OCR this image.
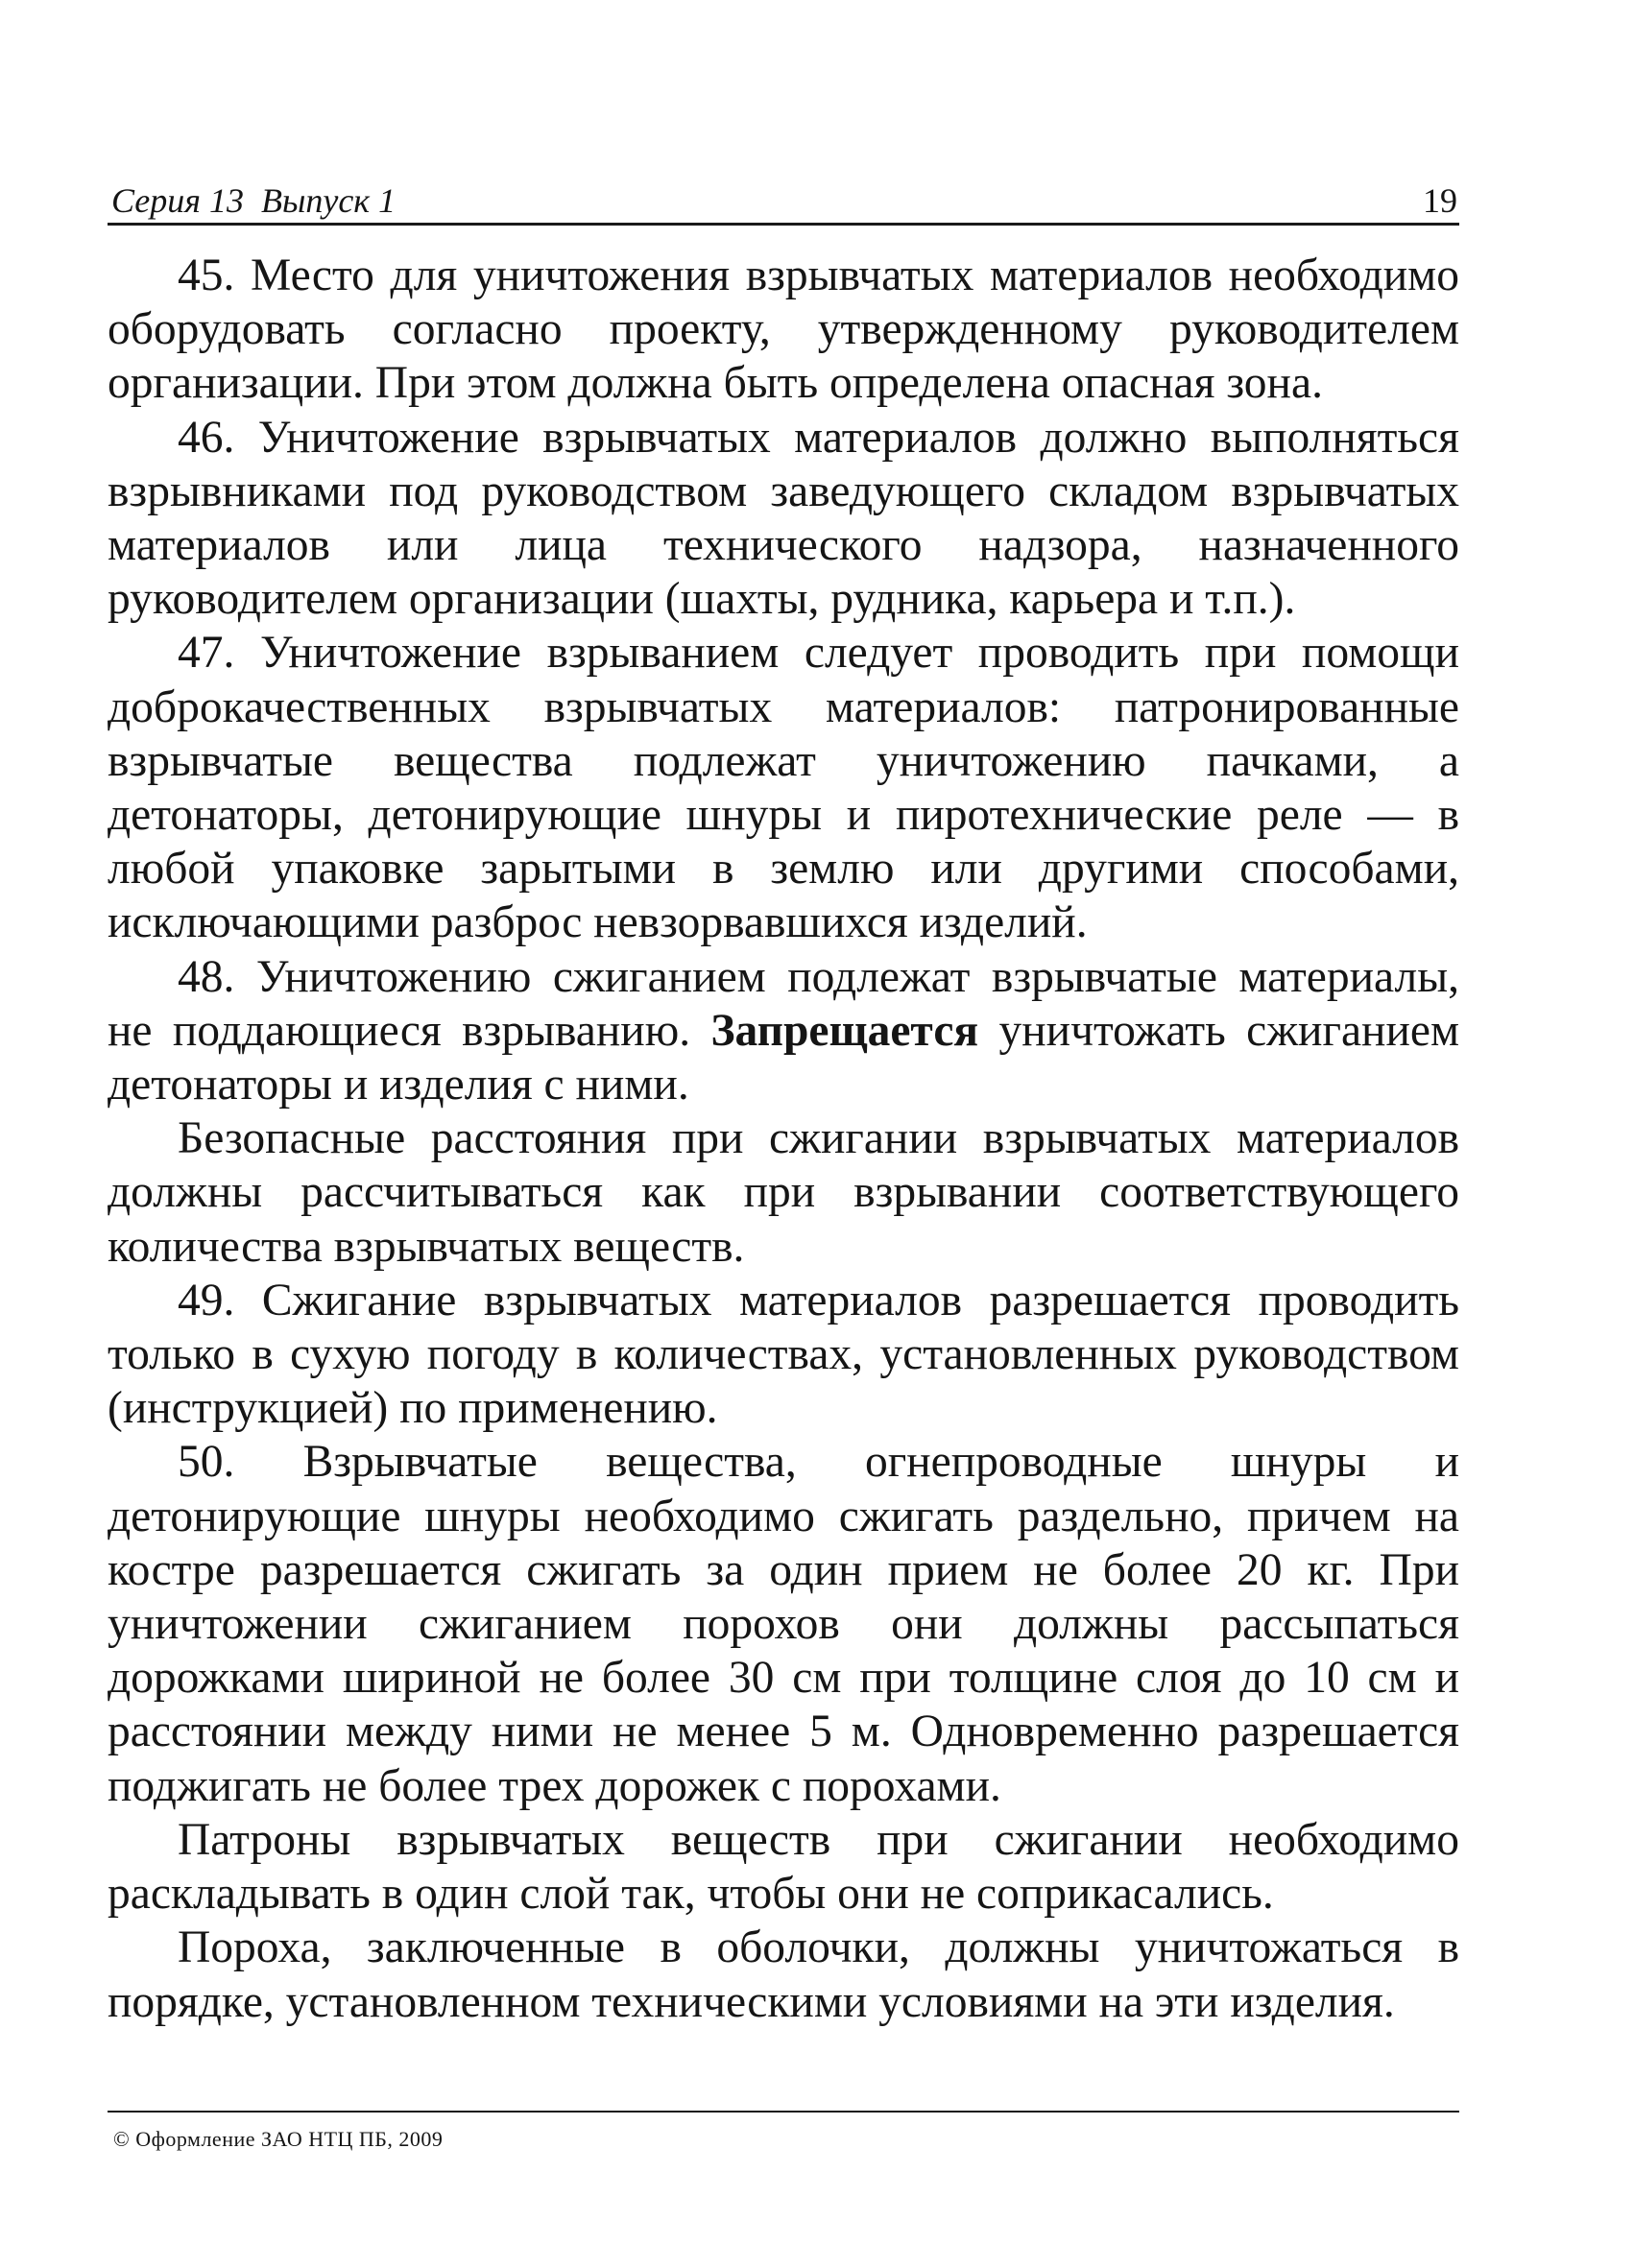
Серия 13  Выпуск 1	19

45. Место для уничтожения взрывчатых материалов необходимо оборудовать согласно проекту, утвержденному руководителем организации. При этом должна быть определена опасная зона.

46. Уничтожение взрывчатых материалов должно выполняться взрывниками под руководством заведующего складом взрывчатых материалов или лица технического надзора, назначенного руководителем организации (шахты, рудника, карьера и т.п.).

47. Уничтожение взрыванием следует проводить при помощи доброкачественных взрывчатых материалов: патронированные взрывчатые вещества подлежат уничтожению пачками, а детонаторы, детонирующие шнуры и пиротехнические реле — в любой упаковке зарытыми в землю или другими способами, исключающими разброс невзорвавшихся изделий.

48. Уничтожению сжиганием подлежат взрывчатые материалы, не поддающиеся взрыванию. Запрещается уничтожать сжиганием детонаторы и изделия с ними.

Безопасные расстояния при сжигании взрывчатых материалов должны рассчитываться как при взрывании соответствующего количества взрывчатых веществ.

49. Сжигание взрывчатых материалов разрешается проводить только в сухую погоду в количествах, установленных руководством (инструкцией) по применению.

50. Взрывчатые вещества, огнепроводные шнуры и детонирующие шнуры необходимо сжигать раздельно, причем на костре разрешается сжигать за один прием не более 20 кг. При уничтожении сжиганием порохов они должны рассыпаться дорожками шириной не более 30 см при толщине слоя до 10 см и расстоянии между ними не менее 5 м. Одновременно разрешается поджигать не более трех дорожек с порохами.

Патроны взрывчатых веществ при сжигании необходимо раскладывать в один слой так, чтобы они не соприкасались.

Пороха, заключенные в оболочки, должны уничтожаться в порядке, установленном техническими условиями на эти изделия.

© Оформление ЗАО НТЦ ПБ, 2009
